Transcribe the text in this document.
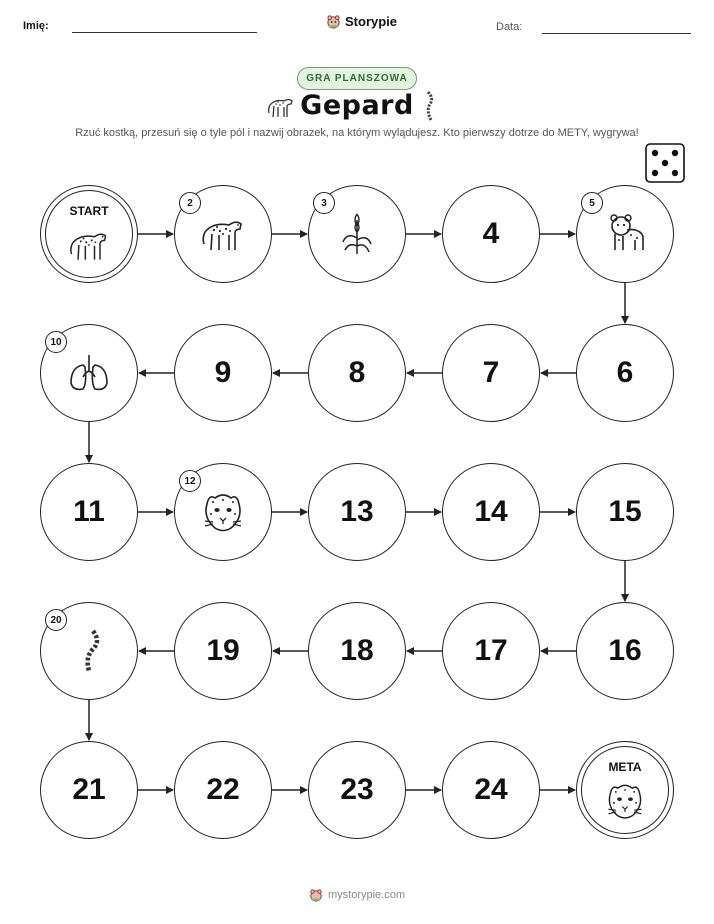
Imię:	Storypie	Data:
GRA PLANSZOWA
Gepard
Rzuć kostką, przesuń się o tyle pól i nazwij obrazek, na którym wylądujesz. Kto pierwszy dotrze do METY, wygrywa!
START
2	3
4
5
6
7
8
9
10
11
12
13	14	15
16
17
18
19
20
21	22	23	24
META
mystorypie.com
